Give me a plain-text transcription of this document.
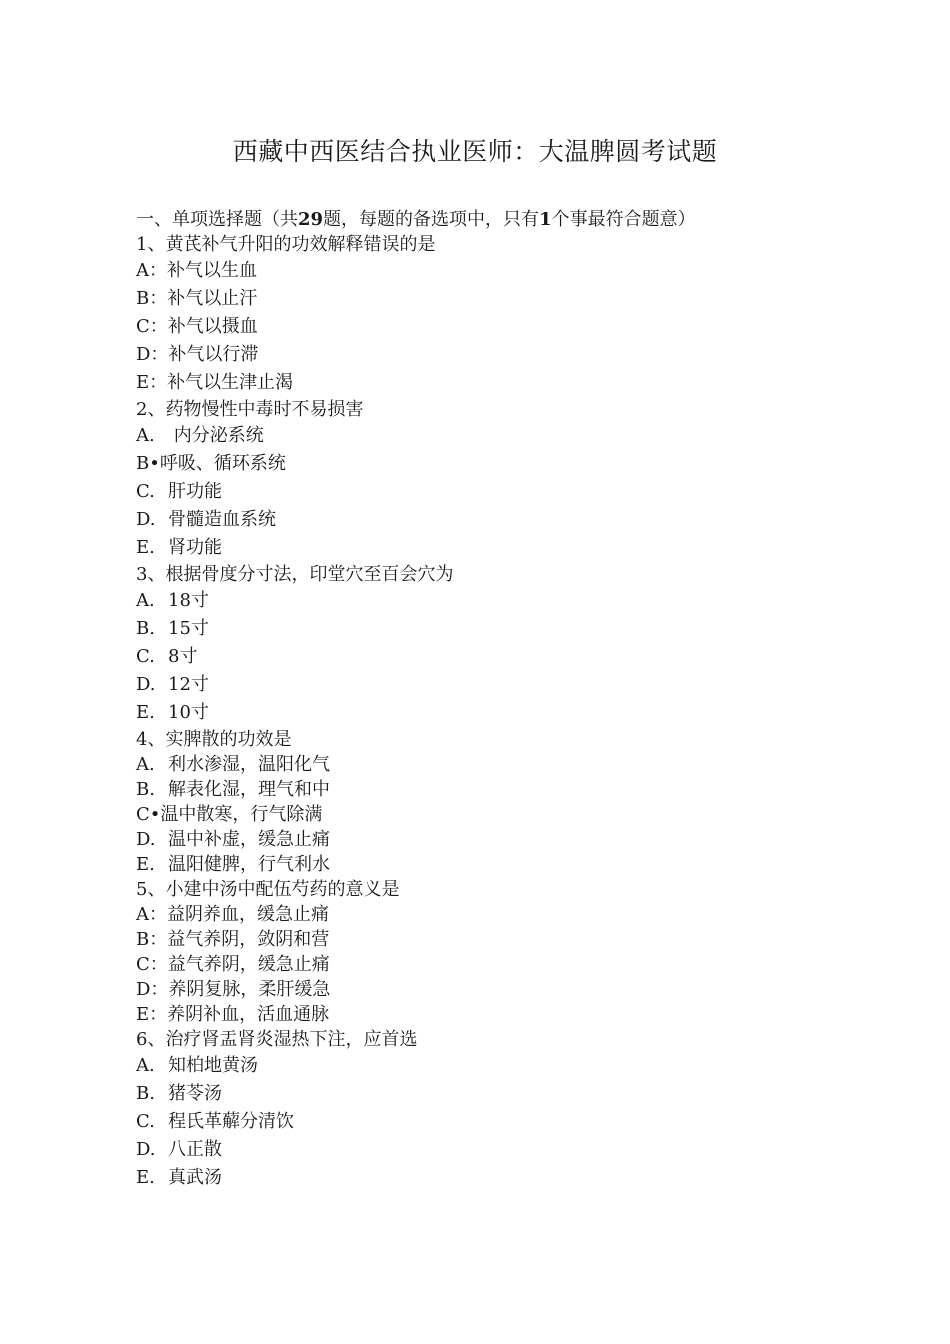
西藏中西医结合执业医师：大温脾圆考试题
一、单项选择题（共29题，每题的备选项中，只有1个事最符合题意）
1、黄芪补气升阳的功效解释错误的是
A：补气以生血
B：补气以止汗
C：补气以摄血
D：补气以行滞
E：补气以生津止渴
2、药物慢性中毒时不易损害
A. 内分泌系统
B•呼吸、循环系统
C. 肝功能
D. 骨髓造血系统
E. 肾功能
3、根据骨度分寸法，印堂穴至百会穴为
A. 18寸
B. 15寸
C. 8寸
D. 12寸
E. 10寸
4、实脾散的功效是
A. 利水渗湿，温阳化气
B. 解表化湿，理气和中
C•温中散寒，行气除满
D. 温中补虚，缓急止痛
E. 温阳健脾，行气利水
5、小建中汤中配伍芍药的意义是
A：益阴养血，缓急止痛
B：益气养阴，敛阴和营
C：益气养阴，缓急止痛
D：养阴复脉，柔肝缓急
E：养阴补血，活血通脉
6、治疗肾盂肾炎湿热下注，应首选
A. 知柏地黄汤
B. 猪苓汤
C. 程氏革薢分清饮
D. 八正散
E. 真武汤
